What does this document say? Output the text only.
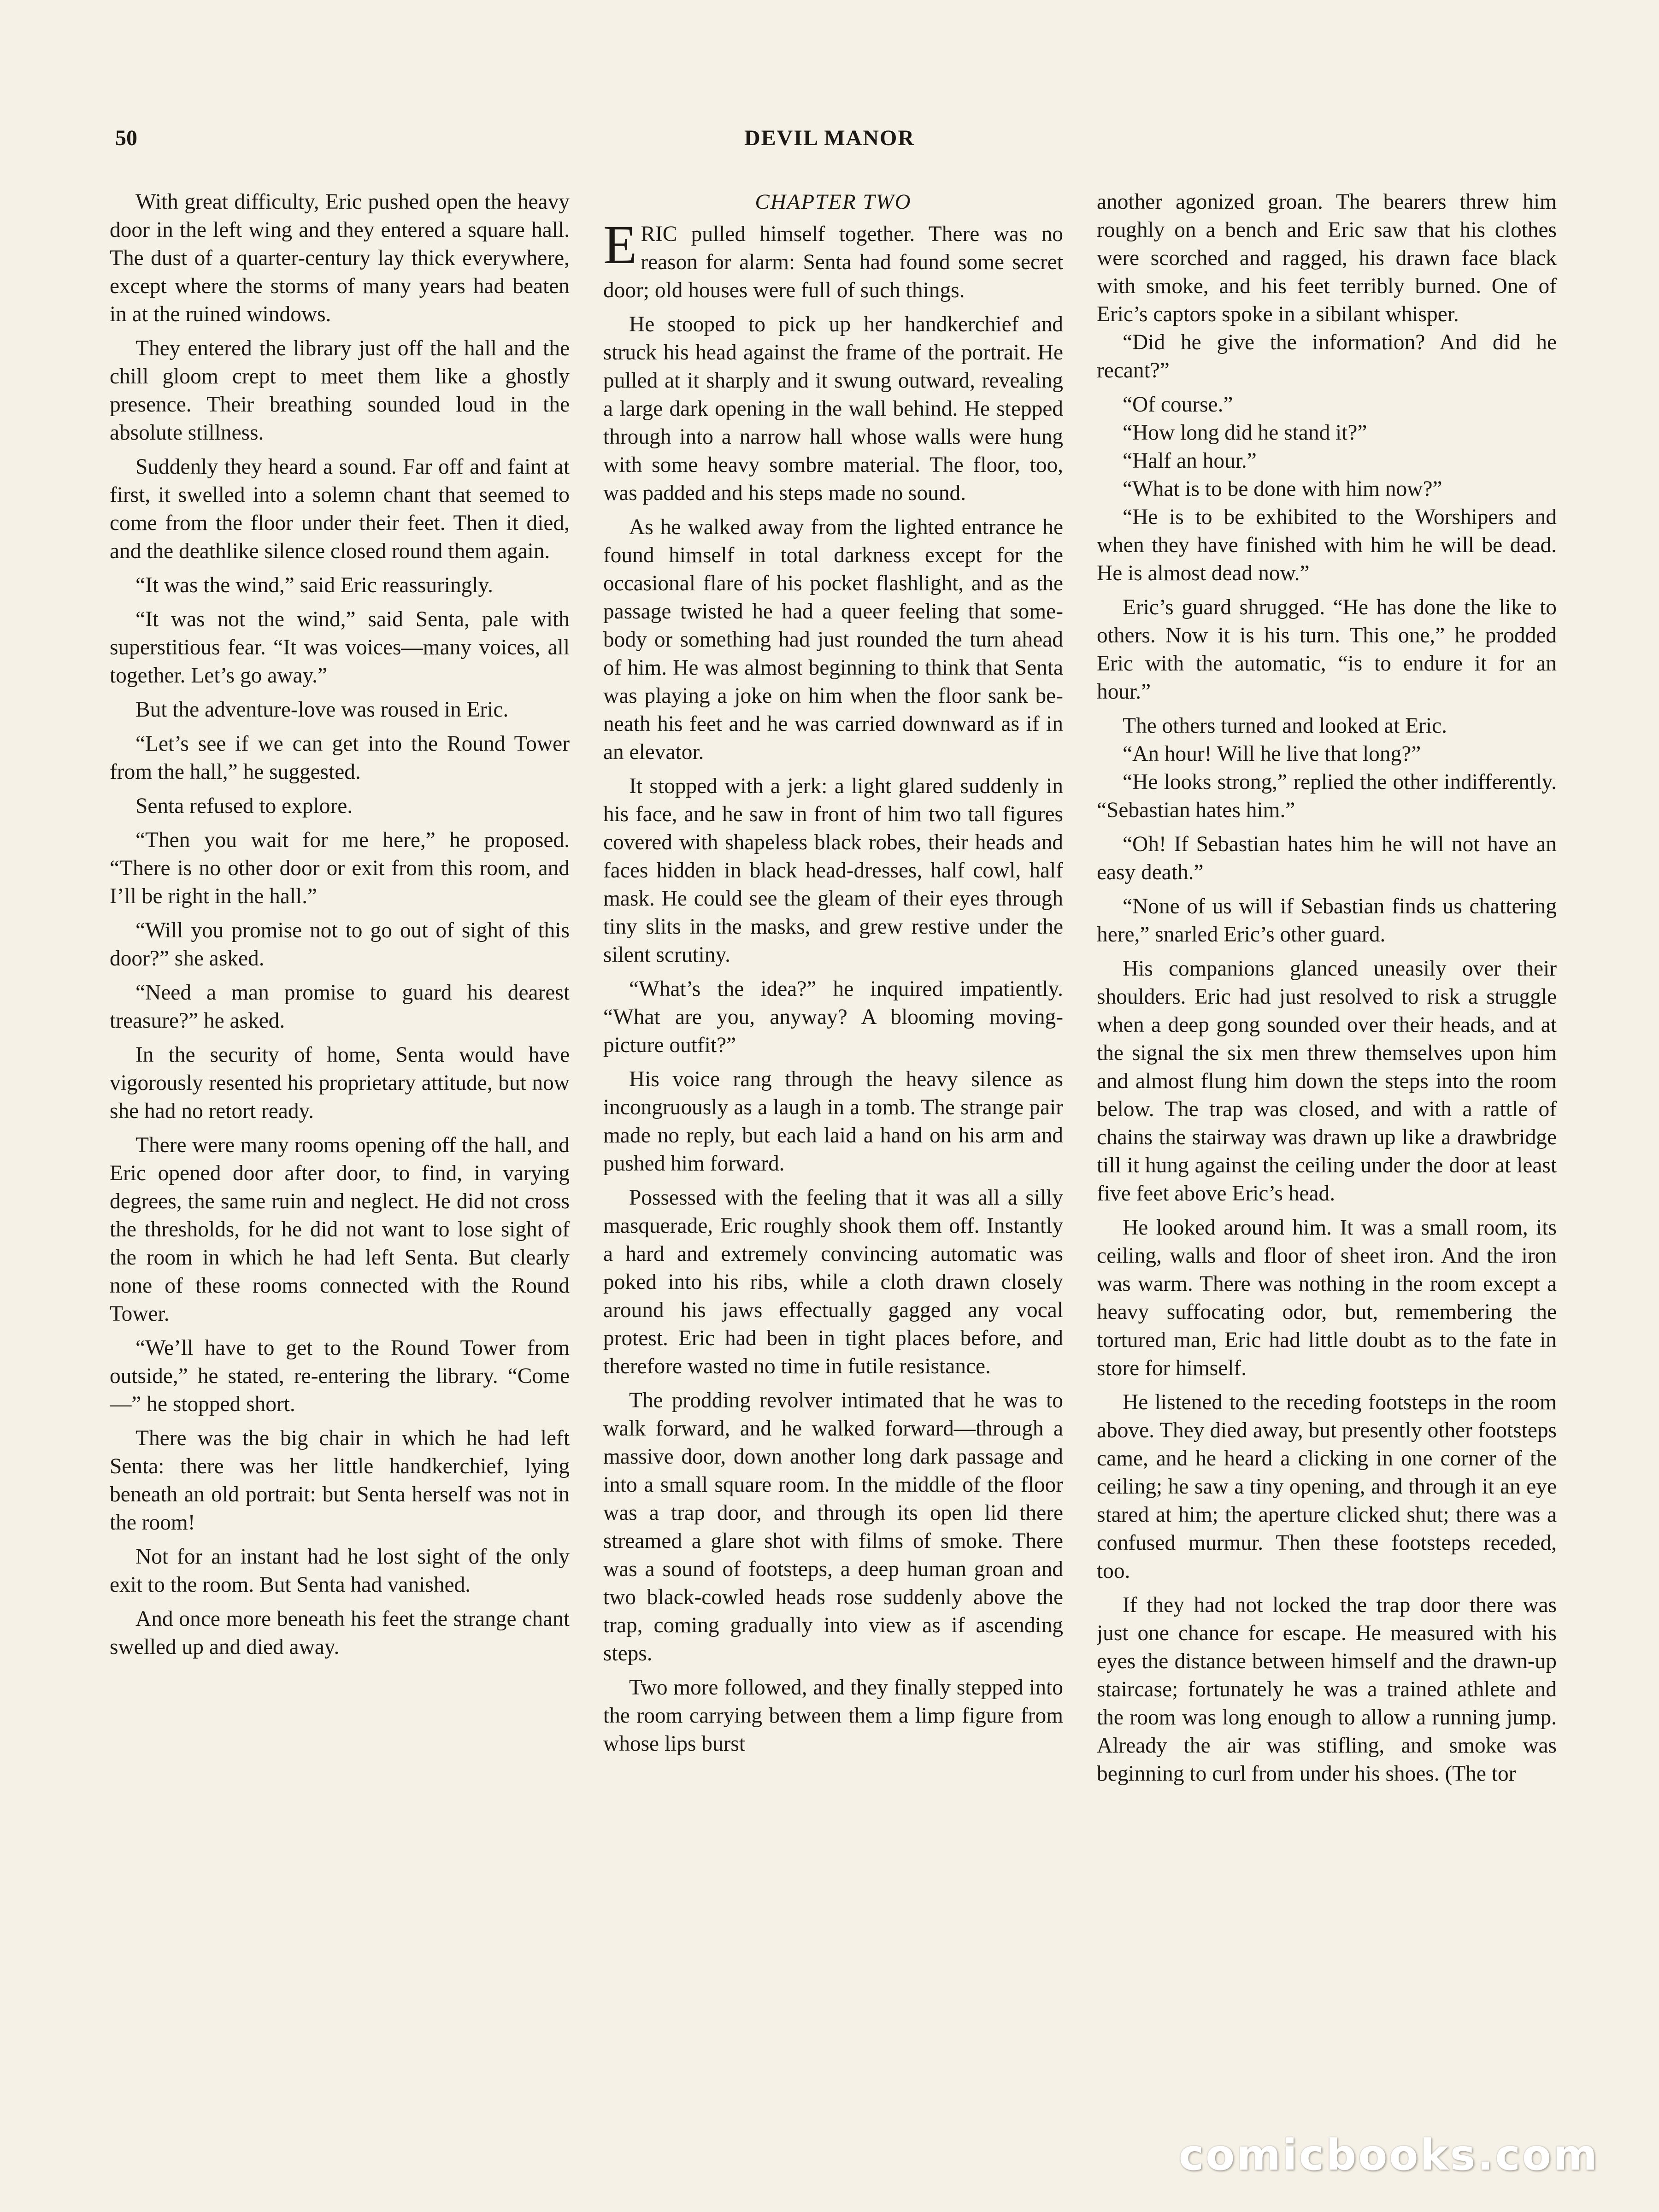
50	DEVIL MANOR

With great difficulty, Eric pushed open the heavy door in the left wing and they entered a square hall. The dust of a quarter-century lay thick everywhere, except where the storms of many years had beaten in at the ruined windows.

They entered the library just off the hall and the chill gloom crept to meet them like a ghostly presence. Their breathing sounded loud in the absolute stillness.

Suddenly they heard a sound. Far off and faint at first, it swelled into a solemn chant that seemed to come from the floor under their feet. Then it died, and the deathlike silence closed round them again.

“It was the wind,” said Eric reassuringly.

“It was not the wind,” said Senta, pale with superstitious fear. “It was voices—many voices, all together. Let’s go away.”

But the adventure-love was roused in Eric.

“Let’s see if we can get into the Round Tower from the hall,” he suggested.

Senta refused to explore.

“Then you wait for me here,” he proposed. “There is no other door or exit from this room, and I’ll be right in the hall.”

“Will you promise not to go out of sight of this door?” she asked.

“Need a man promise to guard his dearest treasure?” he asked.

In the security of home, Senta would have vigorously resented his proprietary attitude, but now she had no retort ready.

There were many rooms opening off the hall, and Eric opened door after door, to find, in varying degrees, the same ruin and neglect. He did not cross the thresholds, for he did not want to lose sight of the room in which he had left Senta. But clearly none of these rooms connected with the Round Tower.

“We’ll have to get to the Round Tower from outside,” he stated, re-entering the library. “Come—” he stopped short.

There was the big chair in which he had left Senta: there was her little handkerchief, lying beneath an old portrait: but Senta herself was not in the room!

Not for an instant had he lost sight of the only exit to the room. But Senta had vanished.

And once more beneath his feet the strange chant swelled up and died away.

CHAPTER TWO

ERIC pulled himself together. There was no reason for alarm: Senta had found some secret door; old houses were full of such things.

He stooped to pick up her handkerchief and struck his head against the frame of the portrait. He pulled at it sharply and it swung outward, revealing a large dark opening in the wall behind. He stepped through into a narrow hall whose walls were hung with some heavy sombre material. The floor, too, was padded and his steps made no sound.

As he walked away from the lighted entrance he found himself in total darkness except for the occasional flare of his pocket flashlight, and as the passage twisted he had a queer feeling that somebody or something had just rounded the turn ahead of him. He was almost beginning to think that Senta was playing a joke on him when the floor sank beneath his feet and he was carried downward as if in an elevator.

It stopped with a jerk: a light glared suddenly in his face, and he saw in front of him two tall figures covered with shapeless black robes, their heads and faces hidden in black head-dresses, half cowl, half mask. He could see the gleam of their eyes through tiny slits in the masks, and grew restive under the silent scrutiny.

“What’s the idea?” he inquired impatiently. “What are you, anyway? A blooming moving-picture outfit?”

His voice rang through the heavy silence as incongruously as a laugh in a tomb. The strange pair made no reply, but each laid a hand on his arm and pushed him forward.

Possessed with the feeling that it was all a silly masquerade, Eric roughly shook them off. Instantly a hard and extremely convincing automatic was poked into his ribs, while a cloth drawn closely around his jaws effectually gagged any vocal protest. Eric had been in tight places before, and therefore wasted no time in futile resistance.

The prodding revolver intimated that he was to walk forward, and he walked forward—through a massive door, down another long dark passage and into a small square room. In the middle of the floor was a trap door, and through its open lid there streamed a glare shot with films of smoke. There was a sound of footsteps, a deep human groan and two black-cowled heads rose suddenly above the trap, coming gradually into view as if ascending steps.

Two more followed, and they finally stepped into the room carrying between them a limp figure from whose lips burst

another agonized groan. The bearers threw him roughly on a bench and Eric saw that his clothes were scorched and ragged, his drawn face black with smoke, and his feet terribly burned. One of Eric’s captors spoke in a sibilant whisper.

“Did he give the information? And did he recant?”

“Of course.”

“How long did he stand it?”

“Half an hour.”

“What is to be done with him now?”

“He is to be exhibited to the Worshipers and when they have finished with him he will be dead. He is almost dead now.”

Eric’s guard shrugged. “He has done the like to others. Now it is his turn. This one,” he prodded Eric with the automatic, “is to endure it for an hour.”

The others turned and looked at Eric.

“An hour! Will he live that long?”

“He looks strong,” replied the other indifferently. “Sebastian hates him.”

“Oh! If Sebastian hates him he will not have an easy death.”

“None of us will if Sebastian finds us chattering here,” snarled Eric’s other guard.

His companions glanced uneasily over their shoulders. Eric had just resolved to risk a struggle when a deep gong sounded over their heads, and at the signal the six men threw themselves upon him and almost flung him down the steps into the room below. The trap was closed, and with a rattle of chains the stairway was drawn up like a drawbridge till it hung against the ceiling under the door at least five feet above Eric’s head.

He looked around him. It was a small room, its ceiling, walls and floor of sheet iron. And the iron was warm. There was nothing in the room except a heavy suffocating odor, but, remembering the tortured man, Eric had little doubt as to the fate in store for himself.

He listened to the receding footsteps in the room above. They died away, but presently other footsteps came, and he heard a clicking in one corner of the ceiling; he saw a tiny opening, and through it an eye stared at him; the aperture clicked shut; there was a confused murmur. Then these footsteps receded, too.

If they had not locked the trap door there was just one chance for escape. He measured with his eyes the distance between himself and the drawn-up staircase; fortunately he was a trained athlete and the room was long enough to allow a running jump. Already the air was stifling, and smoke was beginning to curl from under his shoes. (The tor

comicbooks.com
